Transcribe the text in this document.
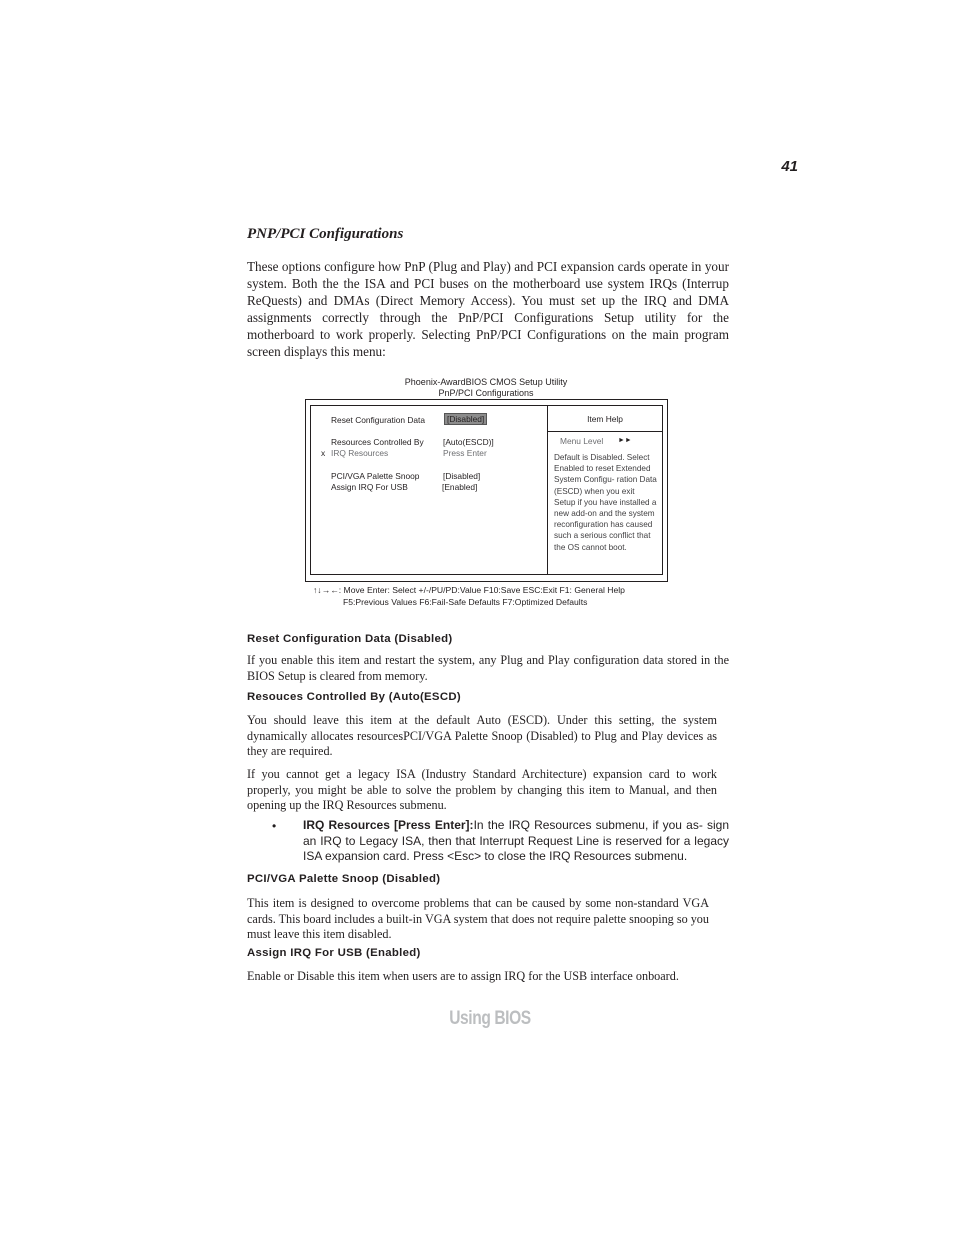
41
PNP/PCI Configurations
These options configure how PnP (Plug and Play) and PCI expansion cards operate in your system. Both the the ISA and PCI buses on the motherboard use system IRQs (Interrup ReQuests) and DMAs (Direct Memory Access). You must set up the IRQ and DMA assignments correctly through the PnP/PCI Configurations Setup utility for the motherboard to work properly. Selecting PnP/PCI Configurations on the main program screen displays this menu:
Phoenix-AwardBIOS CMOS Setup Utility
PnP/PCI Configurations
Reset Configuration Data	[Disabled]
Resources Controlled By [Auto(ESCD)]
x IRQ Resources	Press Enter
PCI/VGA Palette Snoop	[Disabled]
Assign IRQ For USB	[Enabled]
Item Help
Menu Level ►►
Default is Disabled. Select Enabled to reset Extended System Configu- ration Data (ESCD) when you exit Setup if you have installed a new add-on and the system reconfiguration has caused such a serious conflict that the OS cannot boot.
↑↓→←: Move Enter: Select +/-/PU/PD:Value F10:Save ESC:Exit F1: General Help
F5:Previous Values F6:Fail-Safe Defaults F7:Optimized Defaults
Reset Configuration Data (Disabled)
If you enable this item and restart the system, any Plug and Play configuration data stored in the BIOS Setup is cleared from memory.
Resouces Controlled By (Auto(ESCD)
You should leave this item at the default Auto (ESCD). Under this setting, the system dynamically allocates resourcesPCI/VGA Palette Snoop (Disabled) to Plug and Play devices as they are required.
If you cannot get a legacy ISA (Industry Standard Architecture) expansion card to work properly, you might be able to solve the problem by changing this item to Manual, and then opening up the IRQ Resources submenu.
• IRQ Resources [Press Enter]:In the IRQ Resources submenu, if you as- sign an IRQ to Legacy ISA, then that Interrupt Request Line is reserved for a legacy ISA expansion card. Press <Esc> to close the IRQ Resources submenu.
PCI/VGA Palette Snoop (Disabled)
This item is designed to overcome problems that can be caused by some non-standard VGA cards. This board includes a built-in VGA system that does not require palette snooping so you must leave this item disabled.
Assign IRQ For USB (Enabled)
Enable or Disable this item when users are to assign IRQ for the USB interface onboard.
Using BIOS
